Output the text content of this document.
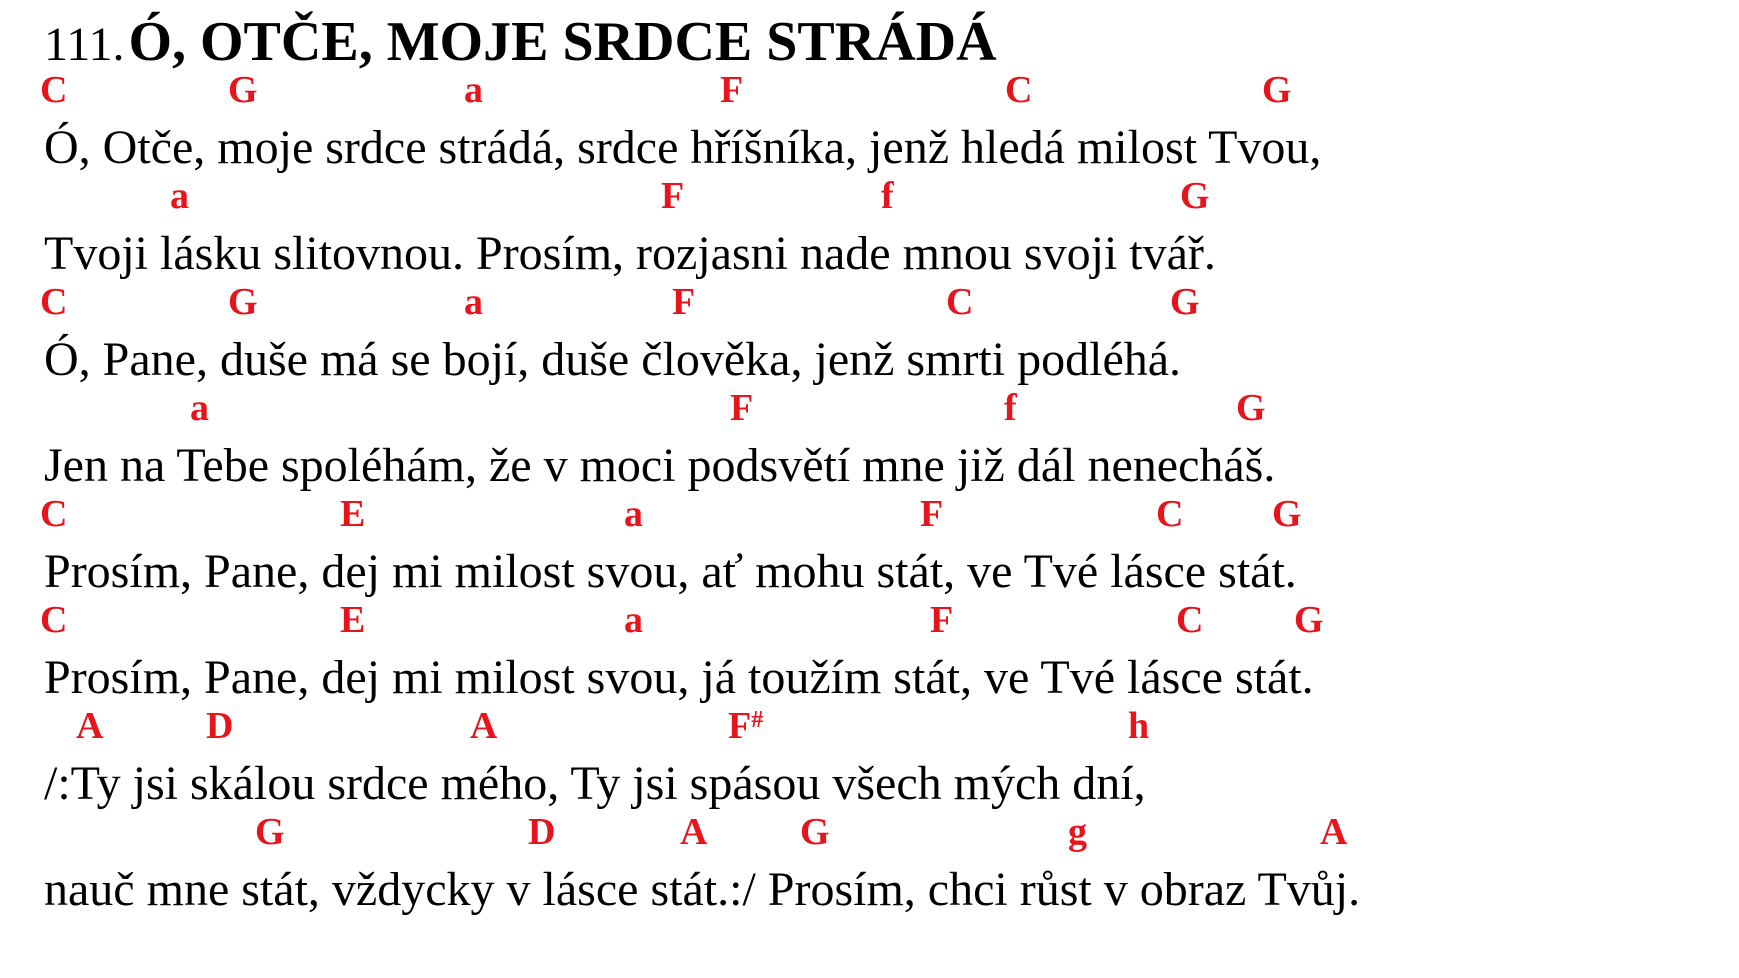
111. Ó, OTČE, MOJE SRDCE STRÁDÁ
C	G	a	F	C	G
Ó, Otče, moje srdce strádá, srdce hříšníka, jenž hledá milost Tvou,
a	F	f	G
Tvoji lásku slitovnou. Prosím, rozjasni nade mnou svoji tvář.
C	G	a	F	C	G
Ó, Pane, duše má se bojí, duše člověka, jenž smrti podléhá.
a	F	f	G
Jen na Tebe spoléhám, že v moci podsvětí mne již dál nenecháš.
C	E	a	F	C G
Prosím, Pane, dej mi milost svou, ať mohu stát, ve Tvé lásce stát.
C	E	a	F	C G
Prosím, Pane, dej mi milost svou, já toužím stát, ve Tvé lásce stát.
A	D	A	F#	h
/:Ty jsi skálou srdce mého, Ty jsi spásou všech mých dní,
G	D	A G	g	A
nauč mne stát, vždycky v lásce stát.:/ Prosím, chci růst v obraz Tvůj.
